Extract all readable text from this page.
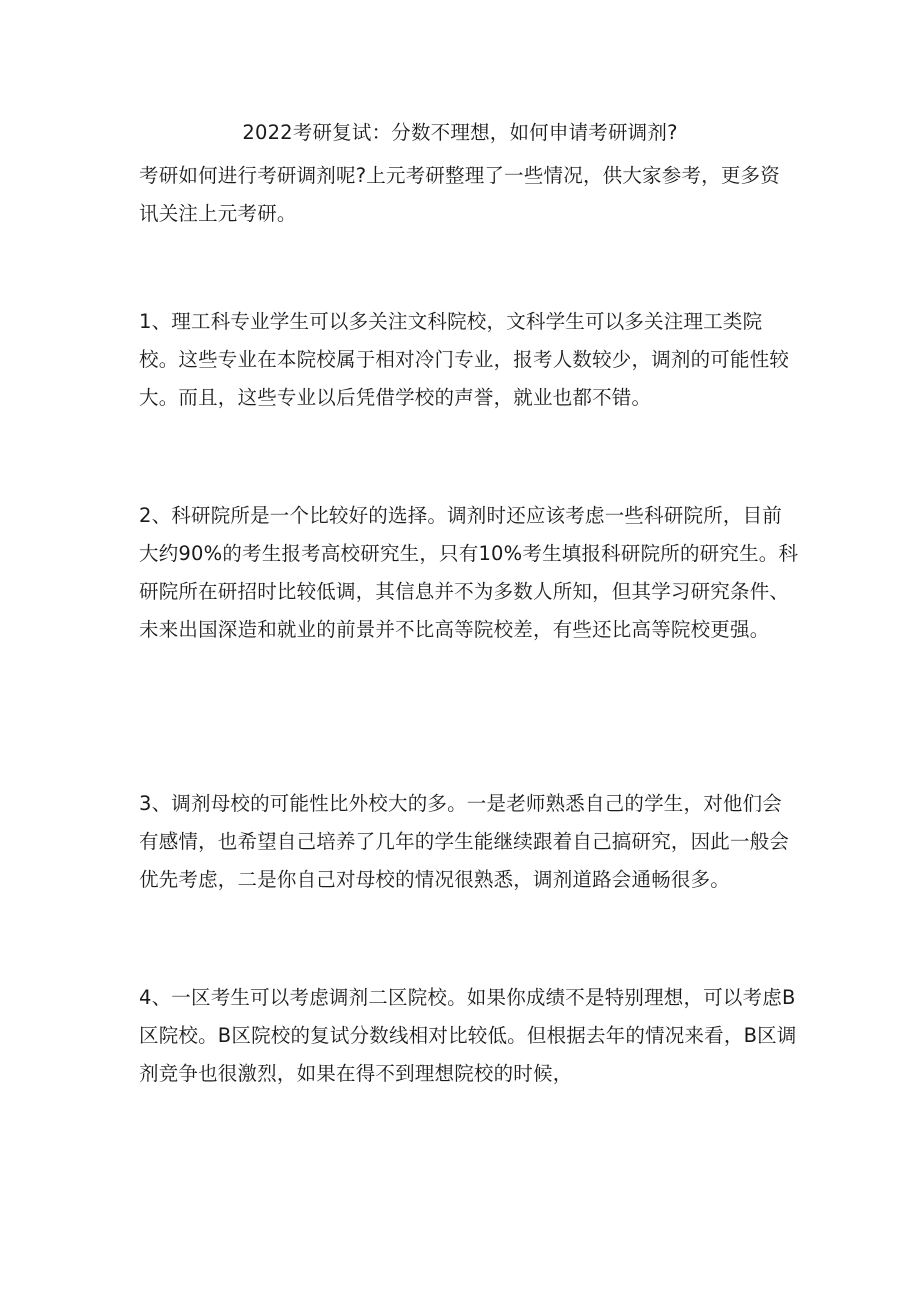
2022考研复试：分数不理想，如何申请考研调剂?
考研如何进行考研调剂呢?上元考研整理了一些情况，供大家参考，更多资讯关注上元考研。
1、理工科专业学生可以多关注文科院校，文科学生可以多关注理工类院校。这些专业在本院校属于相对冷门专业，报考人数较少，调剂的可能性较大。而且，这些专业以后凭借学校的声誉，就业也都不错。
2、科研院所是一个比较好的选择。调剂时还应该考虑一些科研院所，目前大约90%的考生报考高校研究生，只有10%考生填报科研院所的研究生。科研院所在研招时比较低调，其信息并不为多数人所知，但其学习研究条件、未来出国深造和就业的前景并不比高等院校差，有些还比高等院校更强。
3、调剂母校的可能性比外校大的多。一是老师熟悉自己的学生，对他们会有感情，也希望自己培养了几年的学生能继续跟着自己搞研究，因此一般会优先考虑，二是你自己对母校的情况很熟悉，调剂道路会通畅很多。
4、一区考生可以考虑调剂二区院校。如果你成绩不是特别理想，可以考虑B区院校。B区院校的复试分数线相对比较低。但根据去年的情况来看，B区调剂竞争也很激烈，如果在得不到理想院校的时候，
